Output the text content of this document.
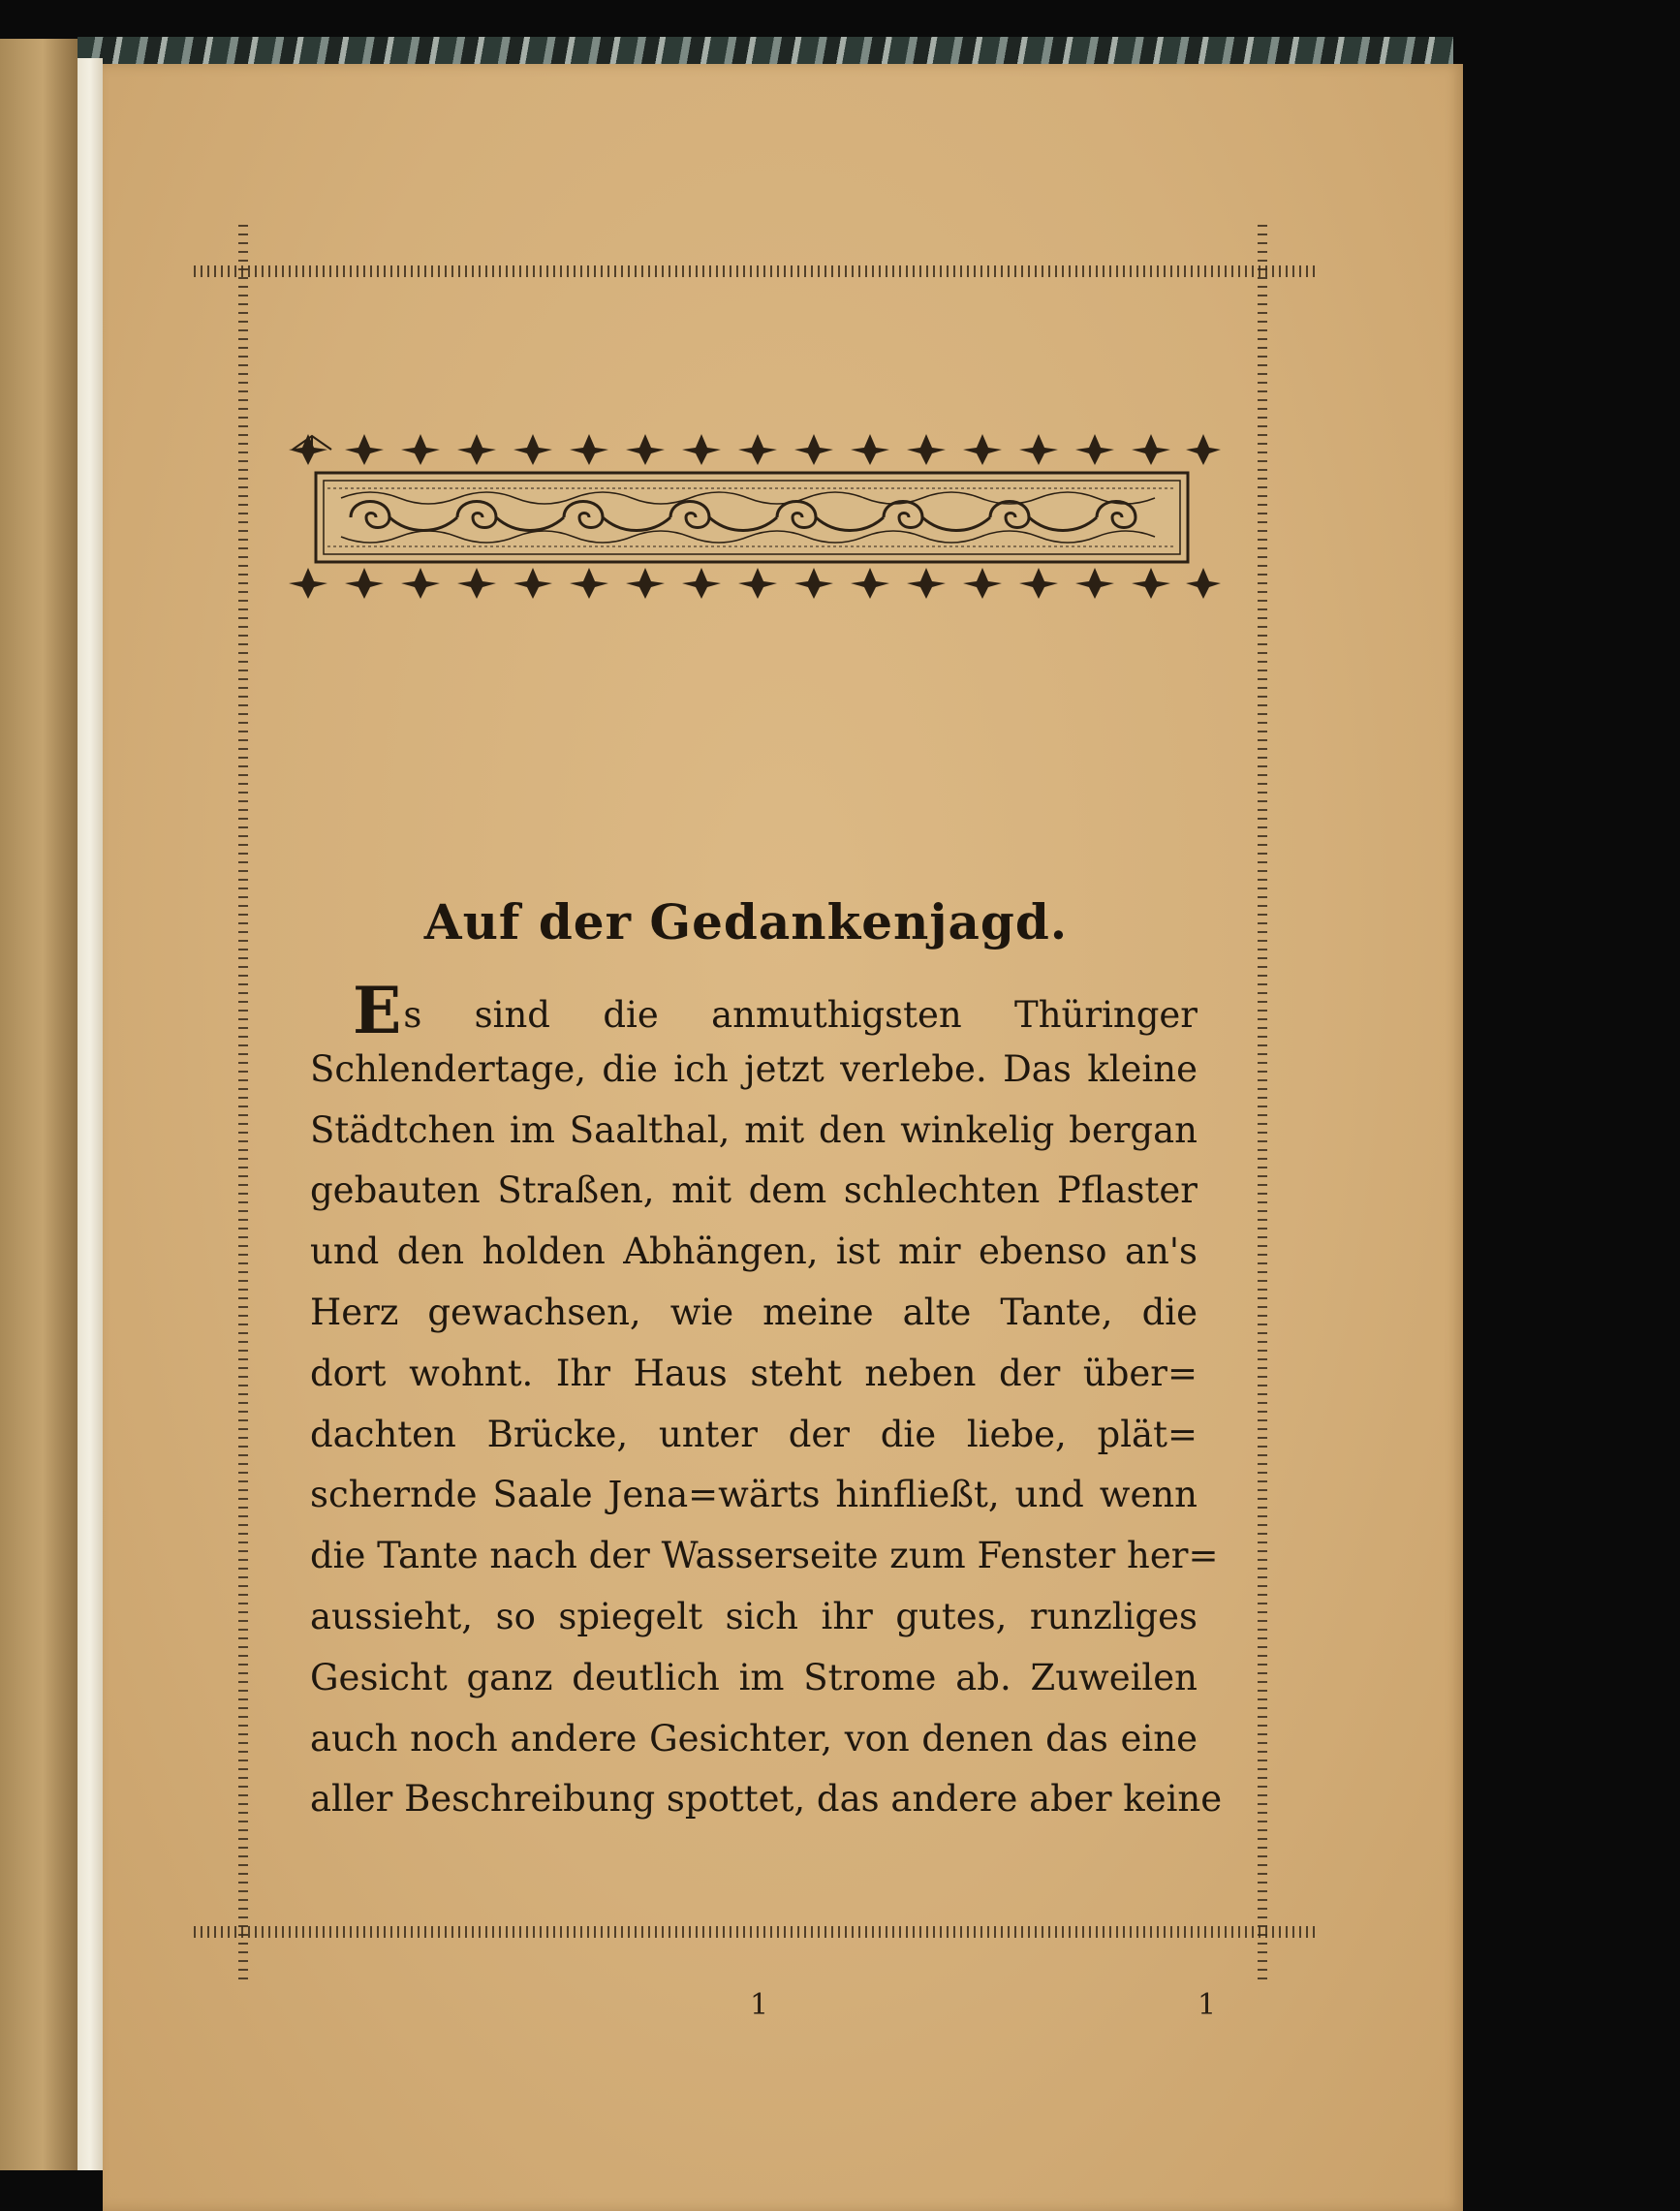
Auf der Gedankenjagd.
Es sind die anmuthigsten Thüringer
Schlendertage, die ich jetzt verlebe. Das kleine
Städtchen im Saalthal, mit den winkelig bergan
gebauten Straßen, mit dem schlechten Pflaster
und den holden Abhängen, ist mir ebenso an's
Herz gewachsen, wie meine alte Tante, die
dort wohnt. Ihr Haus steht neben der über=
dachten Brücke, unter der die liebe, plät=
schernde Saale Jena=wärts hinfließt, und wenn
die Tante nach der Wasserseite zum Fenster her=
aussieht, so spiegelt sich ihr gutes, runzliges
Gesicht ganz deutlich im Strome ab. Zuweilen
auch noch andere Gesichter, von denen das eine
aller Beschreibung spottet, das andere aber keine
1	1
